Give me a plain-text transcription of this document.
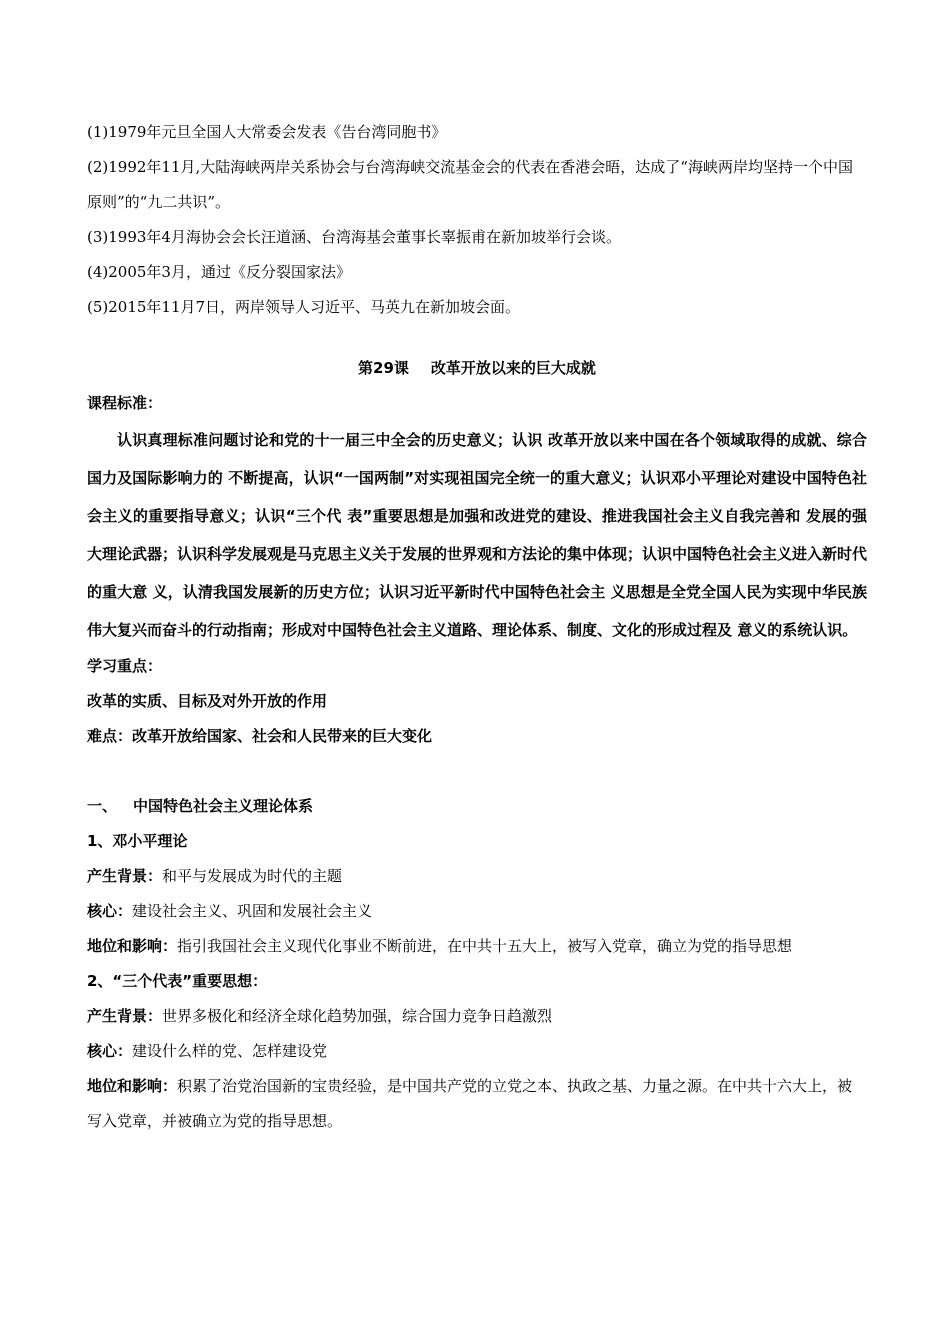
(1)1979年元旦全国人大常委会发表《告台湾同胞书》
(2)1992年11月,大陆海峡两岸关系协会与台湾海峡交流基金会的代表在香港会晤，达成了“海峡两岸均坚持一个中国原则”的“九二共识”。
(3)1993年4月海协会会长汪道涵、台湾海基会董事长辜振甫在新加坡举行会谈。
(4)2005年3月，通过《反分裂国家法》
(5)2015年11月7日，两岸领导人习近平、马英九在新加坡会面。
第29课 改革开放以来的巨大成就
课程标准：
认识真理标准问题讨论和党的十一届三中全会的历史意义；认识 改革开放以来中国在各个领域取得的成就、综合国力及国际影响力的 不断提高，认识“一国两制”对实现祖国完全统一的重大意义；认识邓小平理论对建设中国特色社会主义的重要指导意义；认识“三个代 表”重要思想是加强和改进党的建设、推进我国社会主义自我完善和 发展的强大理论武器；认识科学发展观是马克思主义关于发展的世界观和方法论的集中体现；认识中国特色社会主义进入新时代的重大意 义，认清我国发展新的历史方位；认识习近平新时代中国特色社会主 义思想是全党全国人民为实现中华民族伟大复兴而奋斗的行动指南；形成对中国特色社会主义道路、理论体系、制度、文化的形成过程及 意义的系统认识。
学习重点：
改革的实质、目标及对外开放的作用
难点：改革开放给国家、社会和人民带来的巨大变化
一、 中国特色社会主义理论体系
1、邓小平理论
产生背景：和平与发展成为时代的主题
核心：建设社会主义、巩固和发展社会主义
地位和影响：指引我国社会主义现代化事业不断前进，在中共十五大上，被写入党章，确立为党的指导思想
2、“三个代表”重要思想：
产生背景：世界多极化和经济全球化趋势加强，综合国力竞争日趋激烈
核心：建设什么样的党、怎样建设党
地位和影响：积累了治党治国新的宝贵经验，是中国共产党的立党之本、执政之基、力量之源。在中共十六大上，被写入党章，并被确立为党的指导思想。
